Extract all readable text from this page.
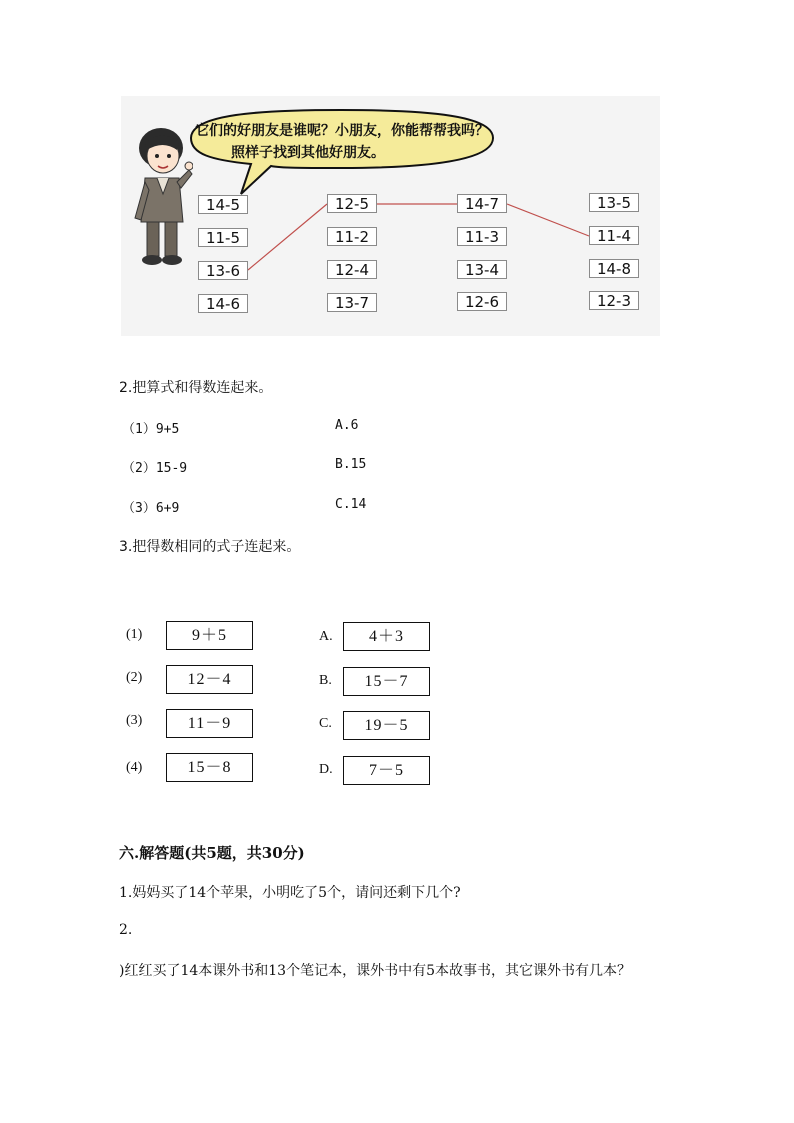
它们的好朋友是谁呢？小朋友，你能帮帮我吗？
照样子找到其他好朋友。
14-5
11-5
13-6
14-6
12-5
11-2
12-4
13-7
14-7
11-3
13-4
12-6
13-5
11-4
14-8
12-3
2.把算式和得数连起来。
（1）9+5
（2）15-9
（3）6+9
A.6
B.15
C.14
3.把得数相同的式子连起来。
(1)
(2)
(3)
(4)
9＋5
12－4
11－9
15－8
A.
B.
C.
D.
4＋3
15－7
19－5
7－5
六.解答题(共5题，共30分)
1.妈妈买了14个苹果，小明吃了5个，请问还剩下几个?
2.
)红红买了14本课外书和13个笔记本，课外书中有5本故事书，其它课外书有几本？
